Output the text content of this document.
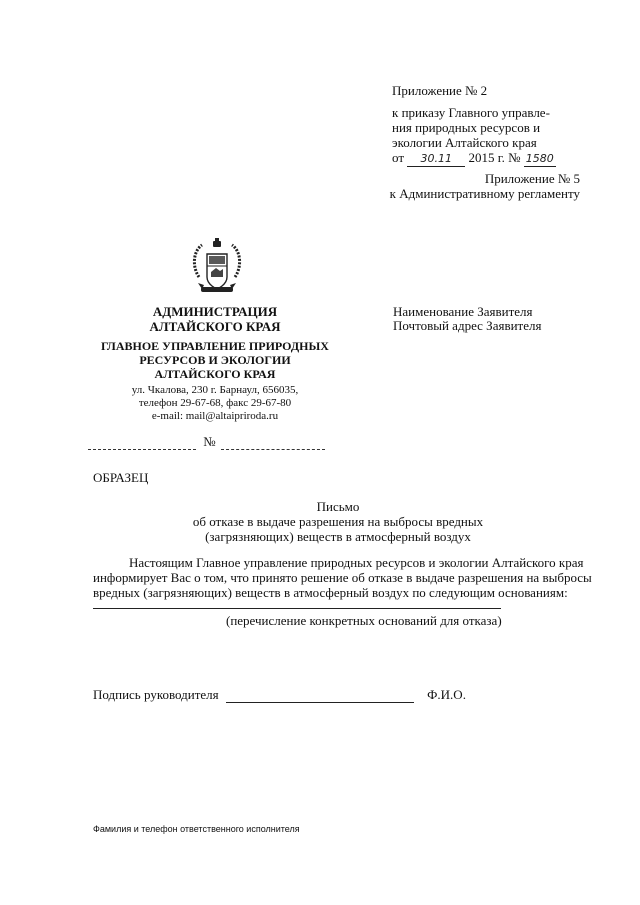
Приложение № 2
к приказу Главного управле-
ния природных ресурсов и
экологии Алтайского края
от 30.11 2015 г. № 1580
Приложение № 5
к Административному регламенту
АДМИНИСТРАЦИЯ
АЛТАЙСКОГО КРАЯ
ГЛАВНОЕ УПРАВЛЕНИЕ ПРИРОДНЫХ
РЕСУРСОВ И ЭКОЛОГИИ
АЛТАЙСКОГО КРАЯ
ул. Чкалова, 230 г. Барнаул, 656035,
телефон 29-67-68, факс 29-67-80
e-mail: mail@altaipriroda.ru
Наименование Заявителя
Почтовый адрес Заявителя
№
ОБРАЗЕЦ
Письмо
об отказе в выдаче разрешения на выбросы вредных
(загрязняющих) веществ в атмосферный воздух
Настоящим Главное управление природных ресурсов и экологии Алтайского края
информирует Вас о том, что принято решение об отказе в выдаче разрешения на выбросы
вредных (загрязняющих) веществ в атмосферный воздух по следующим основаниям:
(перечисление конкретных оснований для отказа)
Подпись руководителя	Ф.И.О.
Фамилия и телефон ответственного исполнителя
